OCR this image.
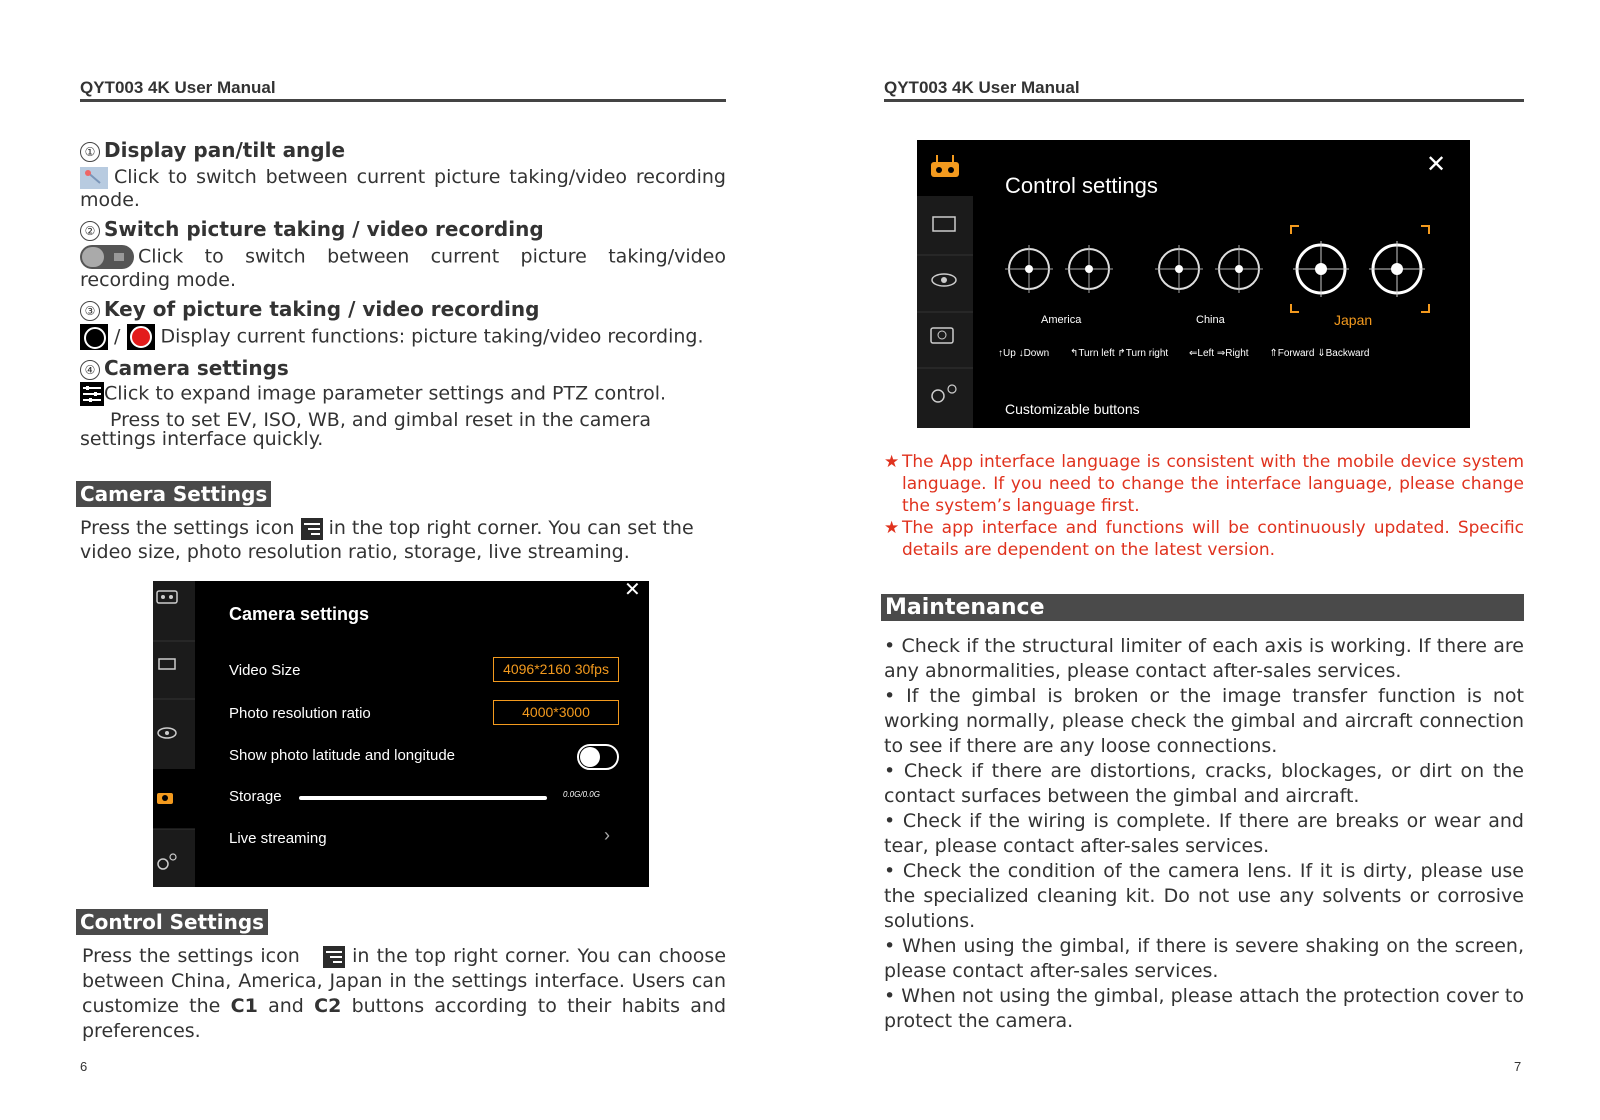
QYT003 4K User Manual
① Display pan/tilt angle
Click to switch between current picture taking/video recording mode.
② Switch picture taking / video recording
Click to switch between current picture taking/video recording mode.
③ Key of picture taking / video recording
/ Display current functions: picture taking/video recording.
④ Camera settings
Click to expand image parameter settings and PTZ control.
Press to set EV, ISO, WB, and gimbal reset in the camera settings interface quickly.
Camera Settings
Press the settings icon in the top right corner. You can set the video size, photo resolution ratio, storage, live streaming.
Camera settings
✕
Video Size	4096*2160 30fps
Photo resolution ratio	4000*3000
Show photo latitude and longitude
Storage	0.0G/0.0G
Live streaming	›
Control Settings
Press the settings icon	in the top right corner. You can choose between China, America, Japan in the settings interface. Users can customize the C1 and C2 buttons according to their habits and preferences.
6
QYT003 4K User Manual
Control settings
✕
America	China	Japan
↑Up ↓Down ↰Turn left ↱Turn right ⇐Left ⇒Right ⇑Forward ⇓Backward
Customizable buttons
★ The App interface language is consistent with the mobile device system language. If you need to change the interface language, please change the system’s language first.
★ The app interface and functions will be continuously updated. Specific details are dependent on the latest version.
Maintenance
• Check if the structural limiter of each axis is working. If there are any abnormalities, please contact after-sales services.
• If the gimbal is broken or the image transfer function is not working normally, please check the gimbal and aircraft connection to see if there are any loose connections.
• Check if there are distortions, cracks, blockages, or dirt on the contact surfaces between the gimbal and aircraft.
• Check if the wiring is complete. If there are breaks or wear and tear, please contact after-sales services.
• Check the condition of the camera lens. If it is dirty, please use the specialized cleaning kit. Do not use any solvents or corrosive solutions.
• When using the gimbal, if there is severe shaking on the screen, please contact after-sales services.
• When not using the gimbal, please attach the protection cover to protect the camera.
7
